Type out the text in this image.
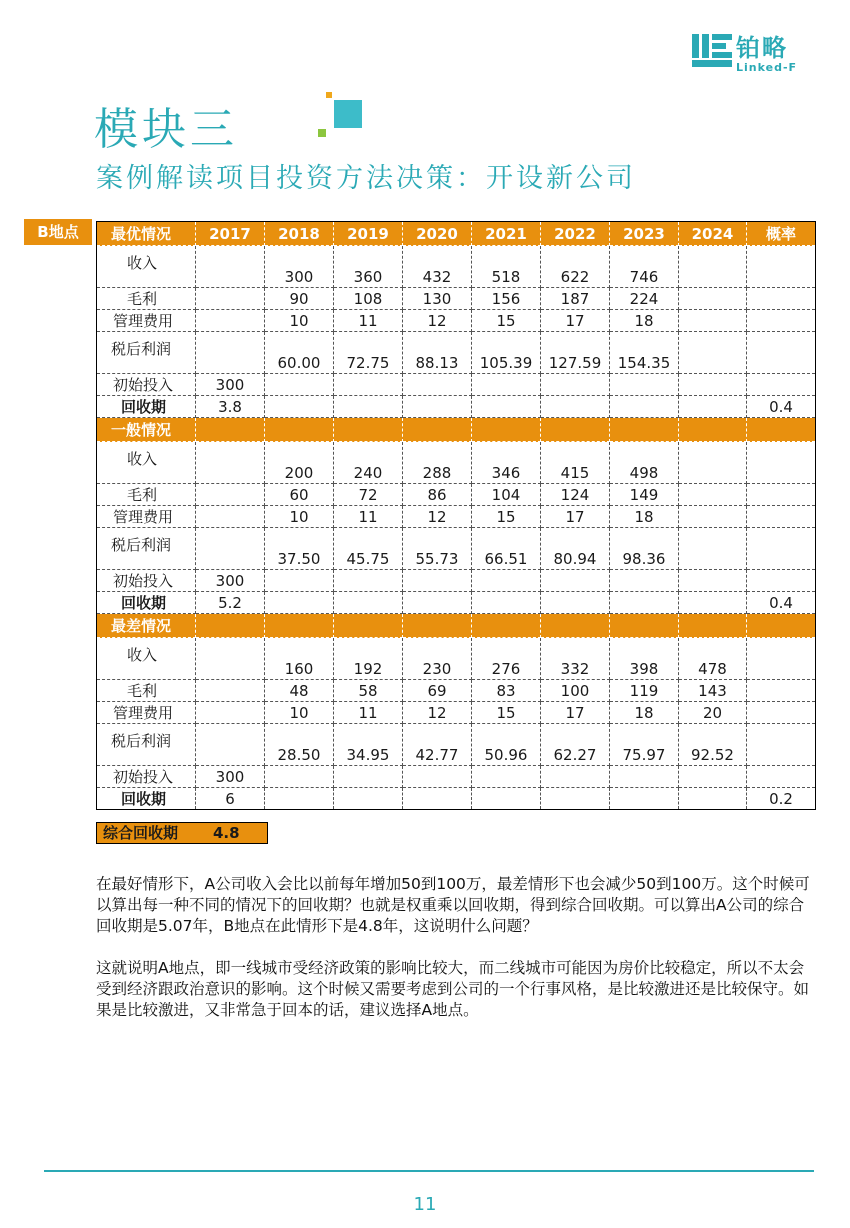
铂略
Linked-F
模块三
案例解读项目投资方法决策：开设新公司
B地点	最优情况	2017	2018	2019	2020	2021	2022	2023	2024	概率
收入		300	360	432	518	622	746		
毛利		90	108	130	156	187	224		
管理费用		10	11	12	15	17	18		
税后利润		60.00	72.75	88.13	105.39	127.59	154.35		
初始投入	300								
回收期	3.8								0.4
一般情况									
收入		200	240	288	346	415	498		
毛利		60	72	86	104	124	149		
管理费用		10	11	12	15	17	18		
税后利润		37.50	45.75	55.73	66.51	80.94	98.36		
初始投入	300								
回收期	5.2								0.4
最差情况									
收入		160	192	230	276	332	398	478	
毛利		48	58	69	83	100	119	143	
管理费用		10	11	12	15	17	18	20	
税后利润		28.50	34.95	42.77	50.96	62.27	75.97	92.52	
初始投入	300								
回收期	6								0.2
综合回收期 4.8
在最好情形下，A公司收入会比以前每年增加50到100万，最差情形下也会减少50到100万。这个时候可以算出每一种不同的情况下的回收期？也就是权重乘以回收期，得到综合回收期。可以算出A公司的综合回收期是5.07年，B地点在此情形下是4.8年，这说明什么问题？
这就说明A地点，即一线城市受经济政策的影响比较大，而二线城市可能因为房价比较稳定，所以不太会受到经济跟政治意识的影响。这个时候又需要考虑到公司的一个行事风格，是比较激进还是比较保守。如果是比较激进，又非常急于回本的话，建议选择A地点。
11
